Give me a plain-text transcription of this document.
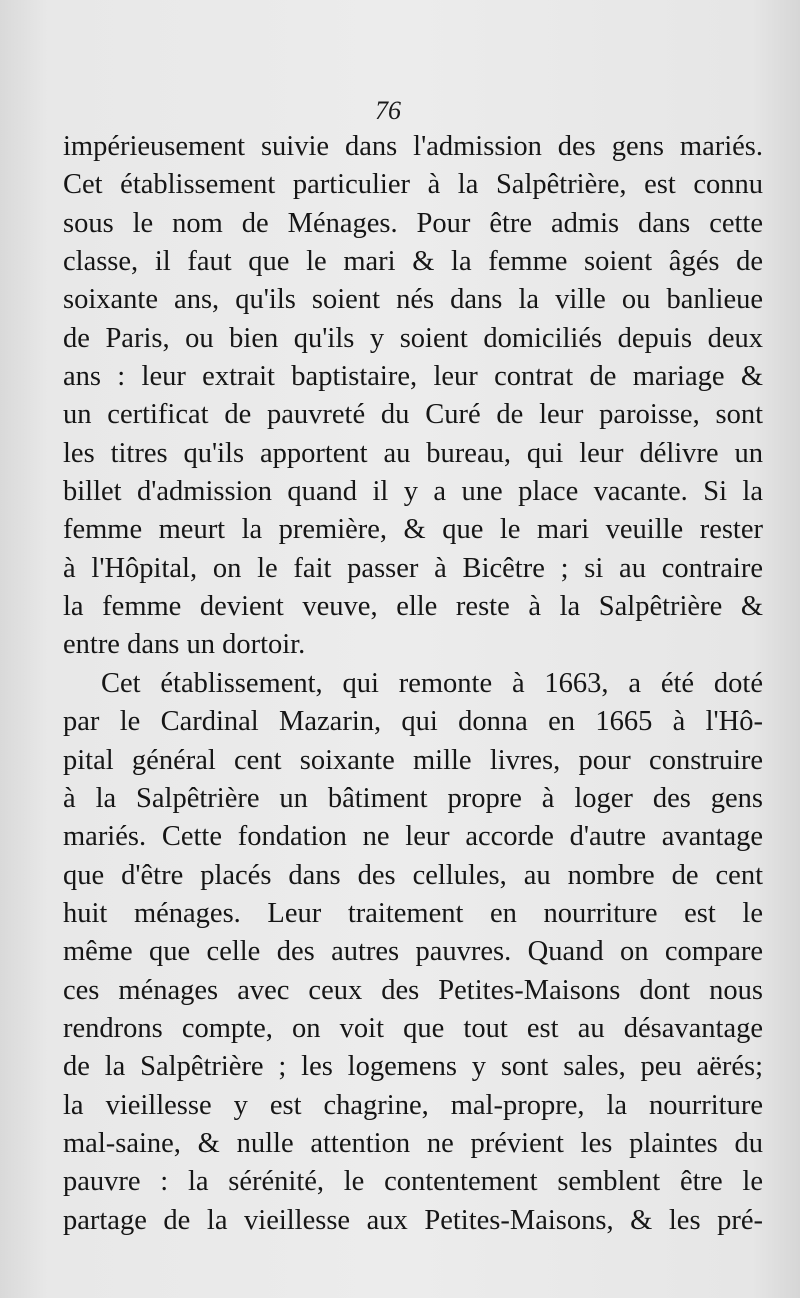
76
impérieusement suivie dans l'admission des gens mariés.
Cet établissement particulier à la Salpêtrière, est connu
sous le nom de Ménages. Pour être admis dans cette
classe, il faut que le mari & la femme soient âgés de
soixante ans, qu'ils soient nés dans la ville ou banlieue
de Paris, ou bien qu'ils y soient domiciliés depuis deux
ans : leur extrait baptistaire, leur contrat de mariage &
un certificat de pauvreté du Curé de leur paroisse, sont
les titres qu'ils apportent au bureau, qui leur délivre un
billet d'admission quand il y a une place vacante. Si la
femme meurt la première, & que le mari veuille rester
à l'Hôpital, on le fait passer à Bicêtre ; si au contraire
la femme devient veuve, elle reste à la Salpêtrière &
entre dans un dortoir.
Cet établissement, qui remonte à 1663, a été doté
par le Cardinal Mazarin, qui donna en 1665 à l'Hô-
pital général cent soixante mille livres, pour construire
à la Salpêtrière un bâtiment propre à loger des gens
mariés. Cette fondation ne leur accorde d'autre avantage
que d'être placés dans des cellules, au nombre de cent
huit ménages. Leur traitement en nourriture est le
même que celle des autres pauvres. Quand on compare
ces ménages avec ceux des Petites-Maisons dont nous
rendrons compte, on voit que tout est au désavantage
de la Salpêtrière ; les logemens y sont sales, peu aërés;
la vieillesse y est chagrine, mal-propre, la nourriture
mal-saine, & nulle attention ne prévient les plaintes du
pauvre : la sérénité, le contentement semblent être le
partage de la vieillesse aux Petites-Maisons, & les pré-
